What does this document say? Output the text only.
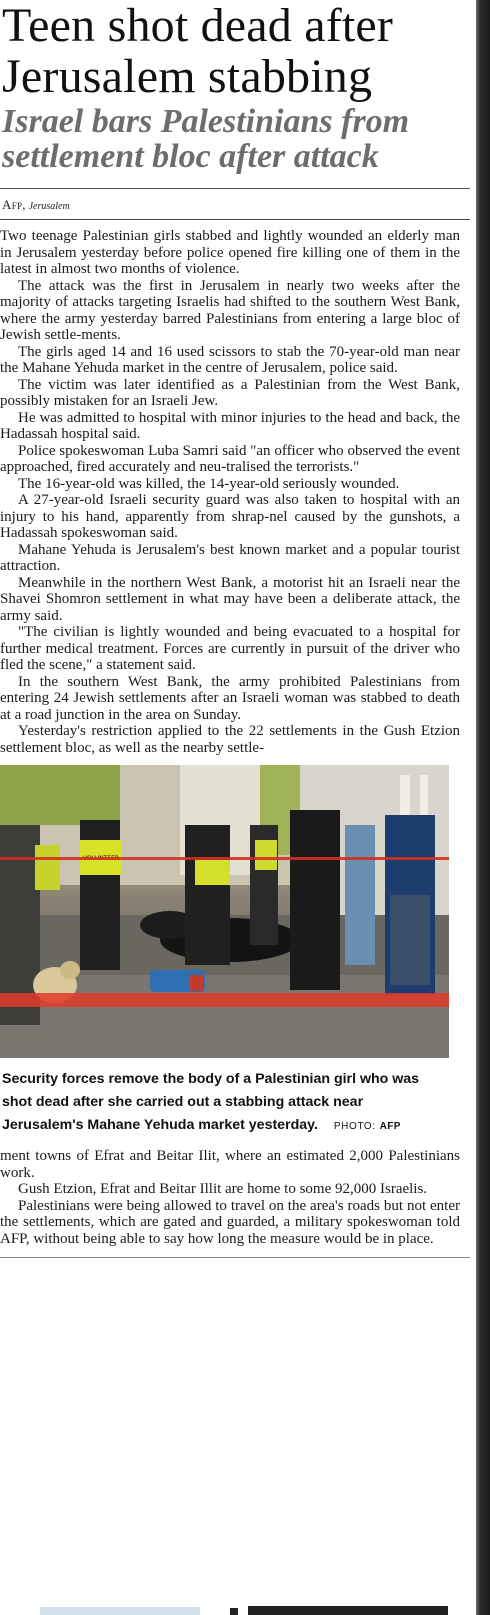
Teen shot dead after
Jerusalem stabbing
Israel bars Palestinians from
settlement bloc after attack
Afp, Jerusalem

Two teenage Palestinian girls stabbed and lightly wounded an elderly man in Jerusalem yesterday before police opened fire killing one of them in the latest in almost two months of violence.

The attack was the first in Jerusalem in nearly two weeks after the majority of attacks targeting Israelis had shifted to the southern West Bank, where the army yesterday barred Palestinians from entering a large bloc of Jewish settle-ments.

The girls aged 14 and 16 used scissors to stab the 70-year-old man near the Mahane Yehuda market in the centre of Jerusalem, police said.

The victim was later identified as a Palestinian from the West Bank, possibly mistaken for an Israeli Jew.

He was admitted to hospital with minor injuries to the head and back, the Hadassah hospital said.

Police spokeswoman Luba Samri said "an officer who observed the event approached, fired accurately and neu-tralised the terrorists."

The 16-year-old was killed, the 14-year-old seriously wounded.

A 27-year-old Israeli security guard was also taken to hospital with an injury to his hand, apparently from shrap-nel caused by the gunshots, a Hadassah spokeswoman said.

Mahane Yehuda is Jerusalem's best known market and a popular tourist attraction.

Meanwhile in the northern West Bank, a motorist hit an Israeli near the Shavei Shomron settlement in what may have been a deliberate attack, the army said.

"The civilian is lightly wounded and being evacuated to a hospital for further medical treatment. Forces are currently in pursuit of the driver who fled the scene," a statement said.

In the southern West Bank, the army prohibited Palestinians from entering 24 Jewish settlements after an Israeli woman was stabbed to death at a road junction in the area on Sunday.

Yesterday's restriction applied to the 22 settlements in the Gush Etzion settlement bloc, as well as the nearby settle-

Security forces remove the body of a Palestinian girl who was shot dead after she carried out a stabbing attack near Jerusalem's Mahane Yehuda market yesterday. PHOTO: AFP

ment towns of Efrat and Beitar Ilit, where an estimated 2,000 Palestinians work.

Gush Etzion, Efrat and Beitar Illit are home to some 92,000 Israelis.

Palestinians were being allowed to travel on the area's roads but not enter the settlements, which are gated and guarded, a military spokeswoman told AFP, without being able to say how long the measure would be in place.
